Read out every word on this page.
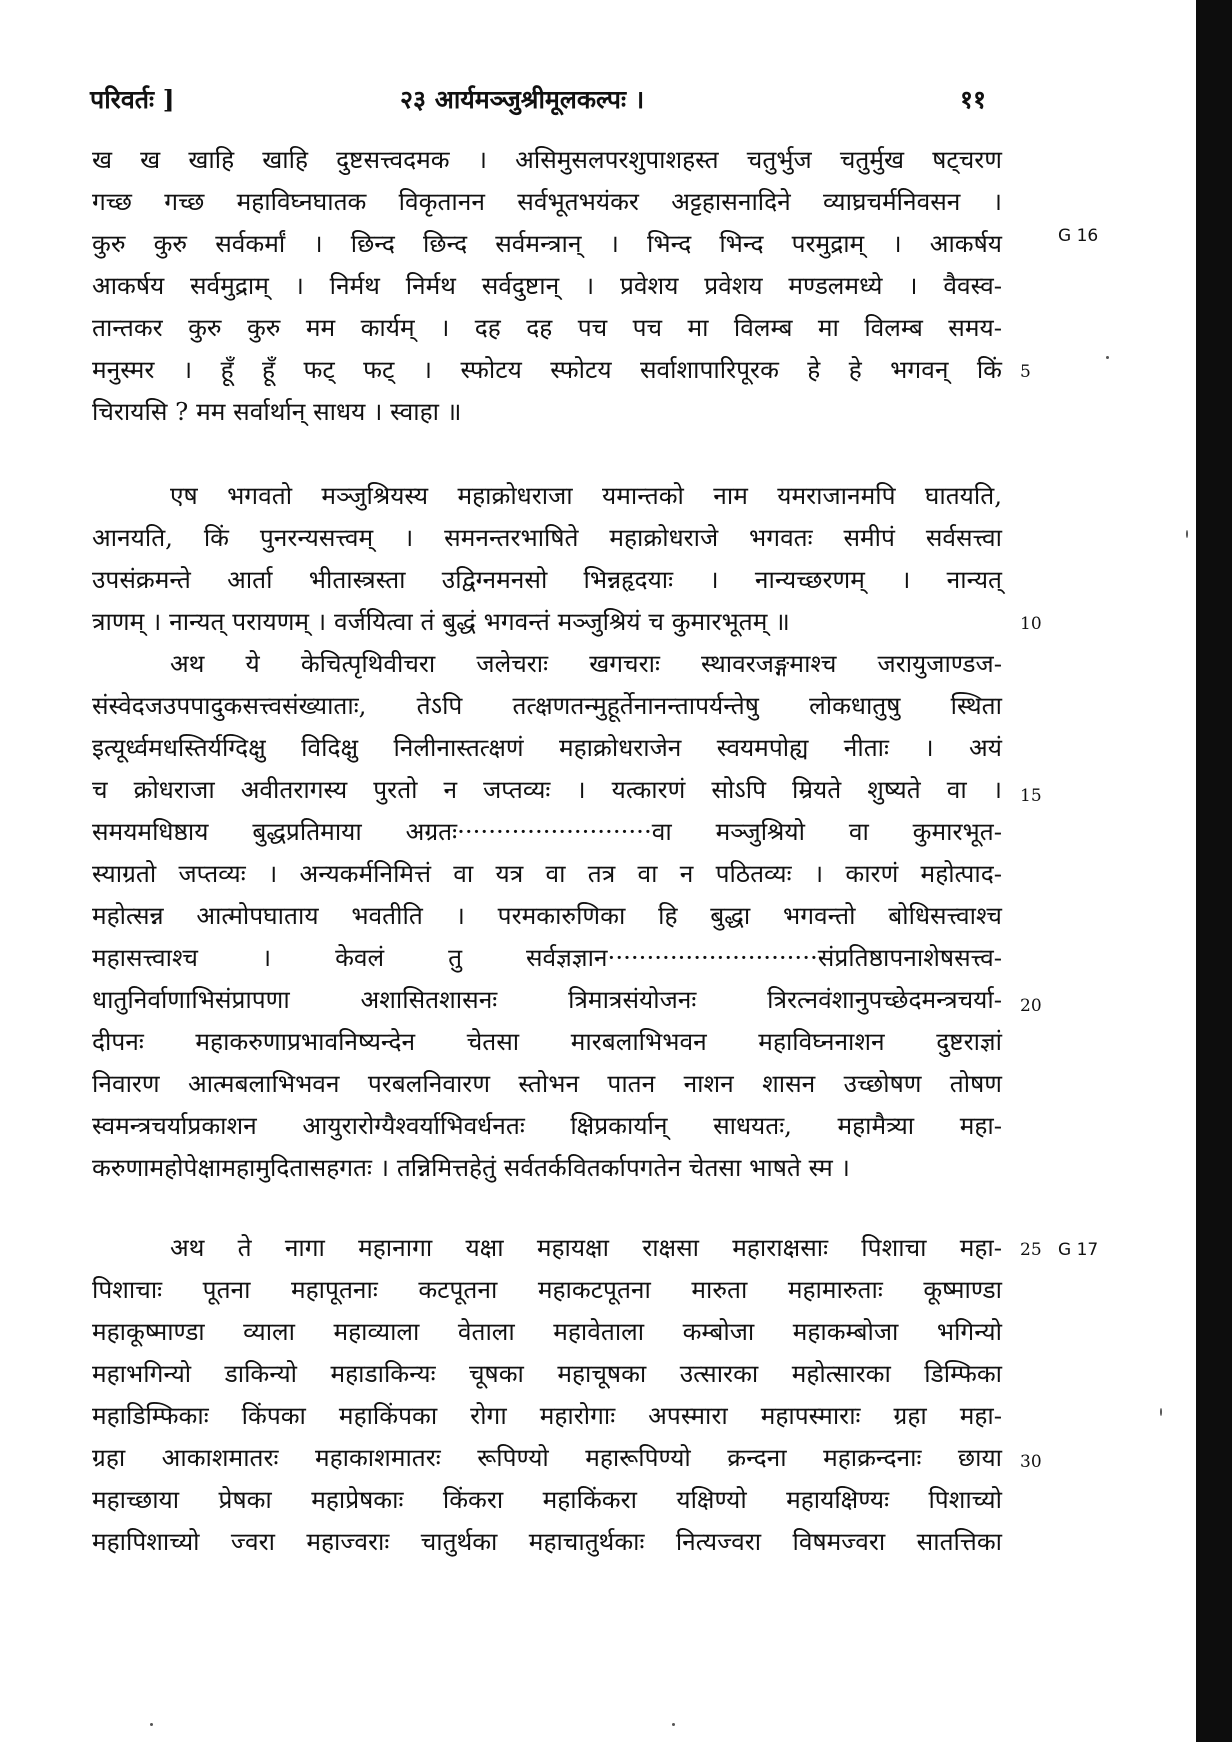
परिवर्तः ]	२३ आर्यमञ्जुश्रीमूलकल्पः ।	११
ख ख खाहि खाहि दुष्टसत्त्वदमक । असिमुसलपरशुपाशहस्त चतुर्भुज चतुर्मुख षट्चरण
गच्छ गच्छ महाविघ्नघातक विकृतानन सर्वभूतभयंकर अट्टहासनादिने व्याघ्रचर्मनिवसन ।
कुरु कुरु सर्वकर्मां । छिन्द छिन्द सर्वमन्त्रान् । भिन्द भिन्द परमुद्राम् । आकर्षय
आकर्षय सर्वमुद्राम् । निर्मथ निर्मथ सर्वदुष्टान् । प्रवेशय प्रवेशय मण्डलमध्ये । वैवस्व-
तान्तकर कुरु कुरु मम कार्यम् । दह दह पच पच मा विलम्ब मा विलम्ब समय-
मनुस्मर । हूँ हूँ फट् फट् । स्फोटय स्फोटय सर्वाशापारिपूरक हे हे भगवन् किं
चिरायसि ? मम सर्वार्थान् साधय । स्वाहा ॥
एष भगवतो मञ्जुश्रियस्य महाक्रोधराजा यमान्तको नाम यमराजानमपि घातयति,
आनयति, किं पुनरन्यसत्त्वम् । समनन्तरभाषिते महाक्रोधराजे भगवतः समीपं सर्वसत्त्वा
उपसंक्रमन्ते आर्ता भीतास्त्रस्ता उद्विग्नमनसो भिन्नहृदयाः । नान्यच्छरणम् । नान्यत्
त्राणम् । नान्यत् परायणम् । वर्जयित्वा तं बुद्धं भगवन्तं मञ्जुश्रियं च कुमारभूतम् ॥
अथ ये केचित्पृथिवीचरा जलेचराः खगचराः स्थावरजङ्गमाश्च जरायुजाण्डज-
संस्वेदजउपपादुकसत्त्वसंख्याताः, तेऽपि तत्क्षणतन्मुहूर्तेनानन्तापर्यन्तेषु लोकधातुषु स्थिता
इत्यूर्ध्वमधस्तिर्यग्दिक्षु विदिक्षु निलीनास्तत्क्षणं महाक्रोधराजेन स्वयमपोह्य नीताः । अयं
च क्रोधराजा अवीतरागस्य पुरतो न जप्तव्यः । यत्कारणं सोऽपि म्रियते शुष्यते वा ।
समयमधिष्ठाय बुद्धप्रतिमाया अग्रतः·························वा मञ्जुश्रियो वा कुमारभूत-
स्याग्रतो जप्तव्यः । अन्यकर्मनिमित्तं वा यत्र वा तत्र वा न पठितव्यः । कारणं महोत्पाद-
महोत्सन्न आत्मोपघाताय भवतीति । परमकारुणिका हि बुद्धा भगवन्तो बोधिसत्त्वाश्च
महासत्त्वाश्च । केवलं तु सर्वज्ञज्ञान···························संप्रतिष्ठापनाशेषसत्त्व-
धातुनिर्वाणाभिसंप्रापणा अशासितशासनः त्रिमात्रसंयोजनः त्रिरत्नवंशानुपच्छेदमन्त्रचर्या-
दीपनः महाकरुणाप्रभावनिष्यन्देन चेतसा मारबलाभिभवन महाविघ्ननाशन दुष्टराज्ञां
निवारण आत्मबलाभिभवन परबलनिवारण स्तोभन पातन नाशन शासन उच्छोषण तोषण
स्वमन्त्रचर्याप्रकाशन आयुरारोग्यैश्वर्याभिवर्धनतः क्षिप्रकार्यान् साधयतः, महामैत्र्या महा-
करुणामहोपेक्षामहामुदितासहगतः । तन्निमित्तहेतुं सर्वतर्कवितर्कापगतेन चेतसा भाषते स्म ।
अथ ते नागा महानागा यक्षा महायक्षा राक्षसा महाराक्षसाः पिशाचा महा-
पिशाचाः पूतना महापूतनाः कटपूतना महाकटपूतना मारुता महामारुताः कूष्माण्डा
महाकूष्माण्डा व्याला महाव्याला वेताला महावेताला कम्बोजा महाकम्बोजा भगिन्यो
महाभगिन्यो डाकिन्यो महाडाकिन्यः चूषका महाचूषका उत्सारका महोत्सारका डिम्फिका
महाडिम्फिकाः किंपका महाकिंपका रोगा महारोगाः अपस्मारा महापस्माराः ग्रहा महा-
ग्रहा आकाशमातरः महाकाशमातरः रूपिण्यो महारूपिण्यो क्रन्दना महाक्रन्दनाः छाया
महाच्छाया प्रेषका महाप्रेषकाः किंकरा महाकिंकरा यक्षिण्यो महायक्षिण्यः पिशाच्यो
महापिशाच्यो ज्वरा महाज्वराः चातुर्थका महाचातुर्थकाः नित्यज्वरा विषमज्वरा सातत्तिका
5
10
15
20
25
30
G 16
G 17
